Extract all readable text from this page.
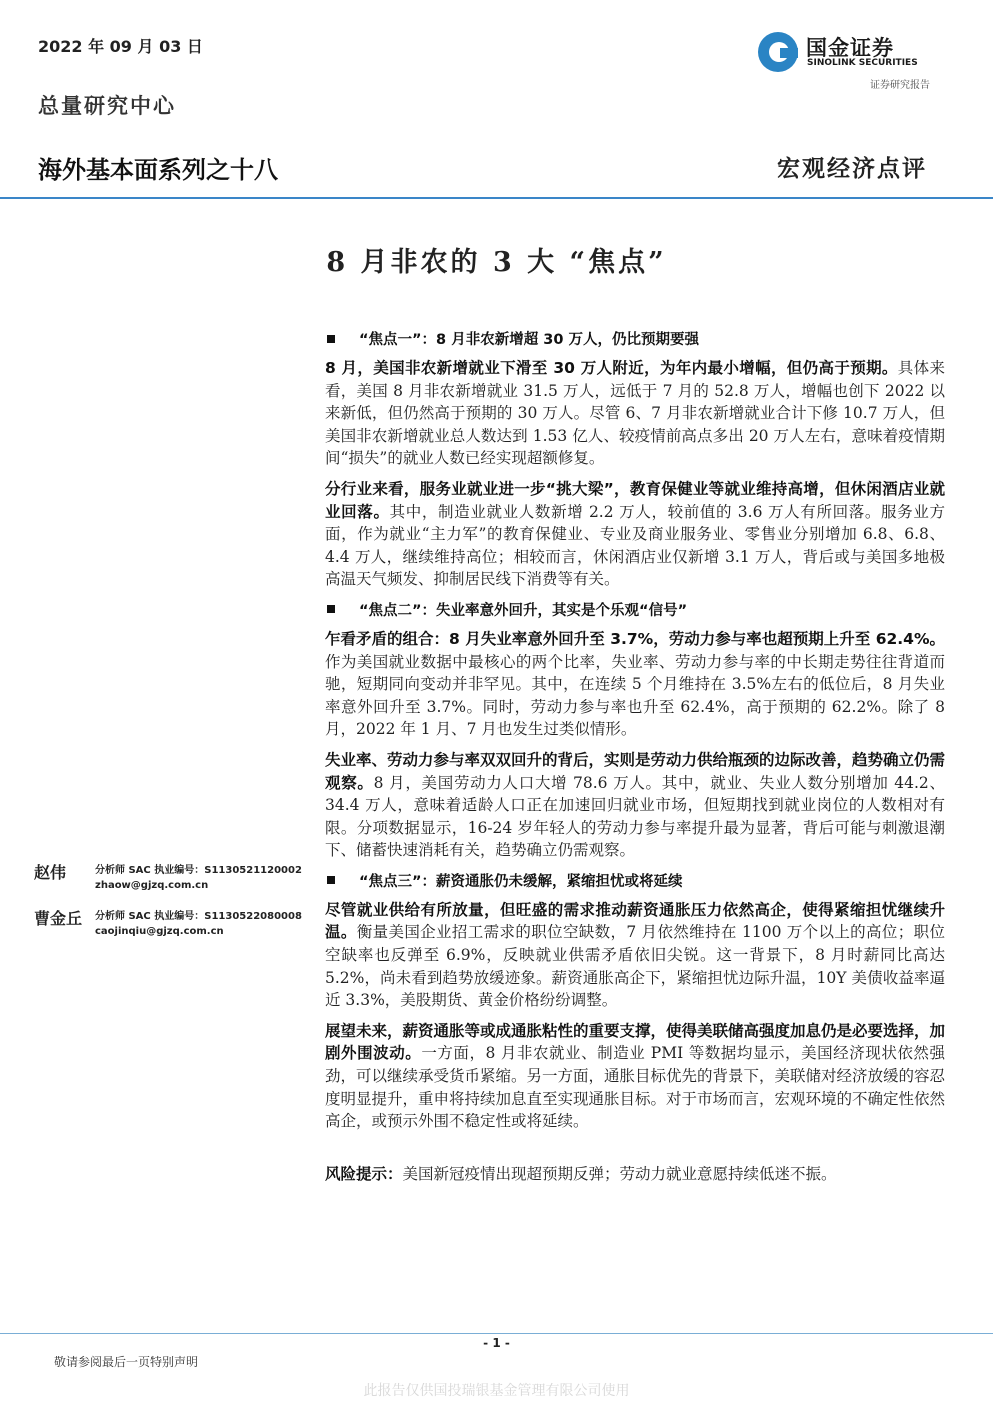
2022 年 09 月 03 日
总量研究中心
海外基本面系列之十八	宏观经济点评
国金证券
SINOLINK SECURITIES
证券研究报告
8 月非农的 3 大 “焦点”
“焦点一”：8 月非农新增超 30 万人，仍比预期要强

8 月，美国非农新增就业下滑至 30 万人附近，为年内最小增幅，但仍高于预期。具体来看，美国 8 月非农新增就业 31.5 万人，远低于 7 月的 52.8 万人，增幅也创下 2022 以来新低，但仍然高于预期的 30 万人。尽管 6、7 月非农新增就业合计下修 10.7 万人，但美国非农新增就业总人数达到 1.53 亿人、较疫情前高点多出 20 万人左右，意味着疫情期间“损失”的就业人数已经实现超额修复。

分行业来看，服务业就业进一步“挑大梁”，教育保健业等就业维持高增，但休闲酒店业就业回落。其中，制造业就业人数新增 2.2 万人，较前值的 3.6 万人有所回落。服务业方面，作为就业“主力军”的教育保健业、专业及商业服务业、零售业分别增加 6.8、6.8、4.4 万人，继续维持高位；相较而言，休闲酒店业仅新增 3.1 万人，背后或与美国多地极高温天气频发、抑制居民线下消费等有关。

“焦点二”：失业率意外回升，其实是个乐观“信号”

乍看矛盾的组合：8 月失业率意外回升至 3.7%，劳动力参与率也超预期上升至 62.4%。作为美国就业数据中最核心的两个比率，失业率、劳动力参与率的中长期走势往往背道而驰，短期同向变动并非罕见。其中，在连续 5 个月维持在 3.5%左右的低位后，8 月失业率意外回升至 3.7%。同时，劳动力参与率也升至 62.4%，高于预期的 62.2%。除了 8 月，2022 年 1 月、7 月也发生过类似情形。

失业率、劳动力参与率双双回升的背后，实则是劳动力供给瓶颈的边际改善，趋势确立仍需观察。8 月，美国劳动力人口大增 78.6 万人。其中，就业、失业人数分别增加 44.2、34.4 万人，意味着适龄人口正在加速回归就业市场，但短期找到就业岗位的人数相对有限。分项数据显示，16-24 岁年轻人的劳动力参与率提升最为显著，背后可能与刺激退潮下、储蓄快速消耗有关，趋势确立仍需观察。

“焦点三”：薪资通胀仍未缓解，紧缩担忧或将延续

尽管就业供给有所放量，但旺盛的需求推动薪资通胀压力依然高企，使得紧缩担忧继续升温。衡量美国企业招工需求的职位空缺数，7 月依然维持在 1100 万个以上的高位；职位空缺率也反弹至 6.9%，反映就业供需矛盾依旧尖锐。这一背景下，8 月时薪同比高达 5.2%，尚未看到趋势放缓迹象。薪资通胀高企下，紧缩担忧边际升温，10Y 美债收益率逼近 3.3%，美股期货、黄金价格纷纷调整。

展望未来，薪资通胀等或成通胀粘性的重要支撑，使得美联储高强度加息仍是必要选择，加剧外围波动。一方面，8 月非农就业、制造业 PMI 等数据均显示，美国经济现状依然强劲，可以继续承受货币紧缩。另一方面，通胀目标优先的背景下，美联储对经济放缓的容忍度明显提升，重申将持续加息直至实现通胀目标。对于市场而言，宏观环境的不确定性依然高企，或预示外围不稳定性或将延续。

风险提示：美国新冠疫情出现超预期反弹；劳动力就业意愿持续低迷不振。

赵伟	分析师 SAC 执业编号：S1130521120002
zhaow@gjzq.com.cn
曹金丘 分析师 SAC 执业编号：S1130522080008
caojinqiu@gjzq.com.cn
- 1 -
敬请参阅最后一页特别声明
此报告仅供国投瑞银基金管理有限公司使用
